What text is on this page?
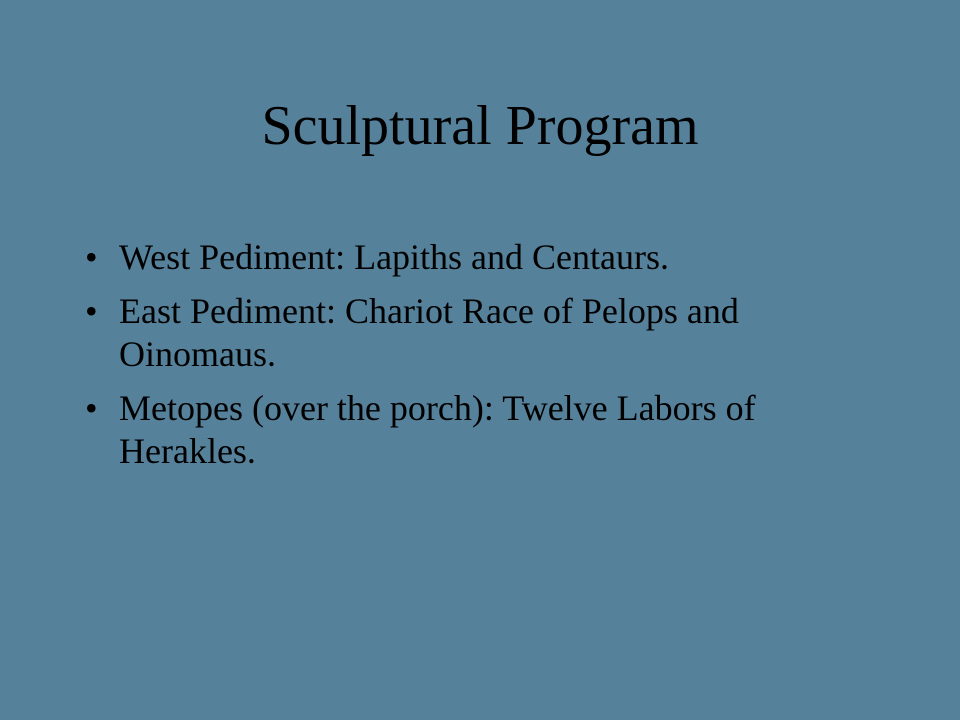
Sculptural Program
• West Pediment: Lapiths and Centaurs.
• East Pediment: Chariot Race of Pelops and Oinomaus.
• Metopes (over the porch): Twelve Labors of Herakles.
